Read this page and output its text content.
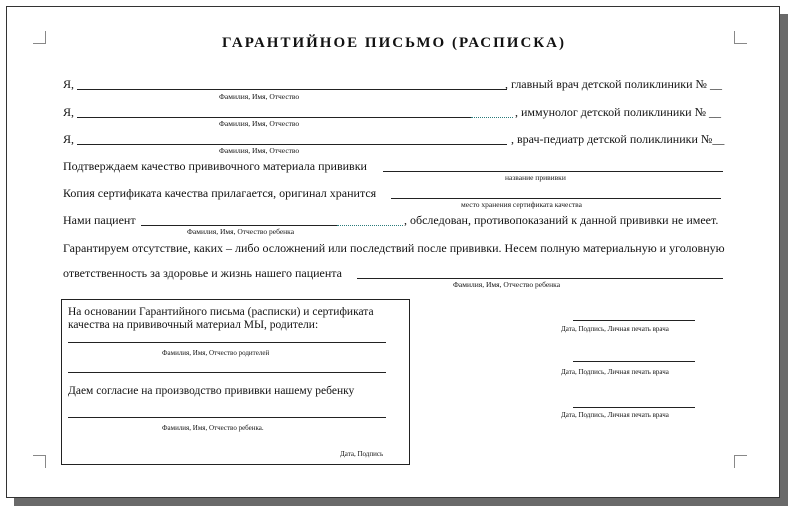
ГАРАНТИЙНОЕ ПИСЬМО (РАСПИСКА)
Я,	, главный врач детской поликлиники № __
Фамилия, Имя, Отчество
Я,	, иммунолог детской поликлиники № __
Фамилия, Имя, Отчество
Я,	, врач-педиатр детской поликлиники №__
Фамилия, Имя, Отчество
Подтверждаем качество прививочного материала прививки
название прививки
Копия сертификата качества прилагается, оригинал хранится
место хранения сертификата качества
Нами пациент	, обследован, противопоказаний к данной прививки не имеет.
Фамилия, Имя, Отчество ребенка
Гарантируем отсутствие, каких – либо осложнений или последствий после прививки. Несем полную материальную и уголовную
ответственность за здоровье и жизнь нашего пациента
Фамилия, Имя, Отчество ребенка
На основании Гарантийного письма (расписки) и сертификата
качества на прививочный материал МЫ, родители:
Фамилия, Имя, Отчество родителей
Даем согласие на производство прививки нашему ребенку
Фамилия, Имя, Отчество ребенка.
Дата, Подпись
Дата, Подпись, Личная печать врача
Дата, Подпись, Личная печать врача
Дата, Подпись, Личная печать врача
